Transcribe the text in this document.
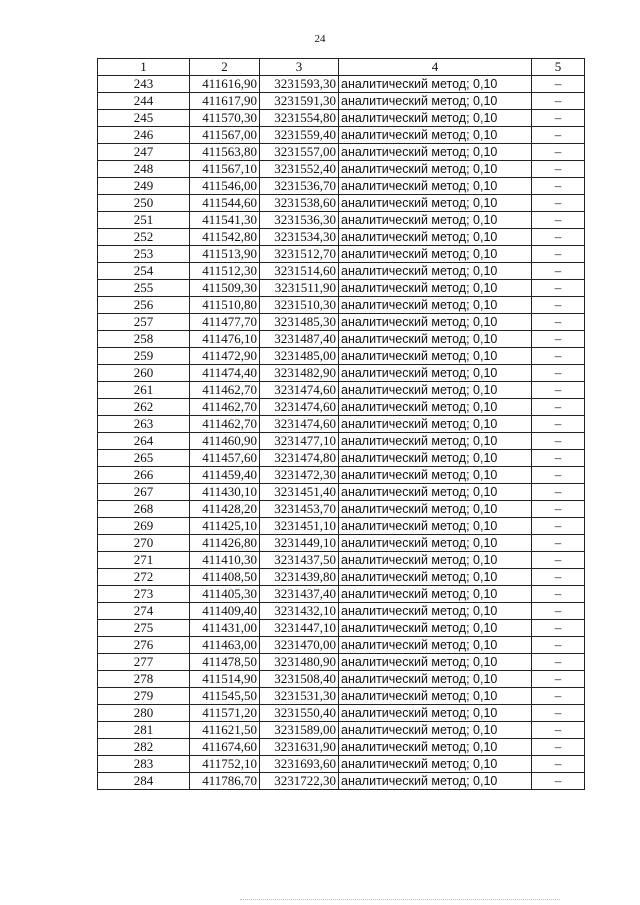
24
1	2	3	4	5
243	411616,90	3231593,30	аналитический метод; 0,10	–
244	411617,90	3231591,30	аналитический метод; 0,10	–
245	411570,30	3231554,80	аналитический метод; 0,10	–
246	411567,00	3231559,40	аналитический метод; 0,10	–
247	411563,80	3231557,00	аналитический метод; 0,10	–
248	411567,10	3231552,40	аналитический метод; 0,10	–
249	411546,00	3231536,70	аналитический метод; 0,10	–
250	411544,60	3231538,60	аналитический метод; 0,10	–
251	411541,30	3231536,30	аналитический метод; 0,10	–
252	411542,80	3231534,30	аналитический метод; 0,10	–
253	411513,90	3231512,70	аналитический метод; 0,10	–
254	411512,30	3231514,60	аналитический метод; 0,10	–
255	411509,30	3231511,90	аналитический метод; 0,10	–
256	411510,80	3231510,30	аналитический метод; 0,10	–
257	411477,70	3231485,30	аналитический метод; 0,10	–
258	411476,10	3231487,40	аналитический метод; 0,10	–
259	411472,90	3231485,00	аналитический метод; 0,10	–
260	411474,40	3231482,90	аналитический метод; 0,10	–
261	411462,70	3231474,60	аналитический метод; 0,10	–
262	411462,70	3231474,60	аналитический метод; 0,10	–
263	411462,70	3231474,60	аналитический метод; 0,10	–
264	411460,90	3231477,10	аналитический метод; 0,10	–
265	411457,60	3231474,80	аналитический метод; 0,10	–
266	411459,40	3231472,30	аналитический метод; 0,10	–
267	411430,10	3231451,40	аналитический метод; 0,10	–
268	411428,20	3231453,70	аналитический метод; 0,10	–
269	411425,10	3231451,10	аналитический метод; 0,10	–
270	411426,80	3231449,10	аналитический метод; 0,10	–
271	411410,30	3231437,50	аналитический метод; 0,10	–
272	411408,50	3231439,80	аналитический метод; 0,10	–
273	411405,30	3231437,40	аналитический метод; 0,10	–
274	411409,40	3231432,10	аналитический метод; 0,10	–
275	411431,00	3231447,10	аналитический метод; 0,10	–
276	411463,00	3231470,00	аналитический метод; 0,10	–
277	411478,50	3231480,90	аналитический метод; 0,10	–
278	411514,90	3231508,40	аналитический метод; 0,10	–
279	411545,50	3231531,30	аналитический метод; 0,10	–
280	411571,20	3231550,40	аналитический метод; 0,10	–
281	411621,50	3231589,00	аналитический метод; 0,10	–
282	411674,60	3231631,90	аналитический метод; 0,10	–
283	411752,10	3231693,60	аналитический метод; 0,10	–
284	411786,70	3231722,30	аналитический метод; 0,10	–
